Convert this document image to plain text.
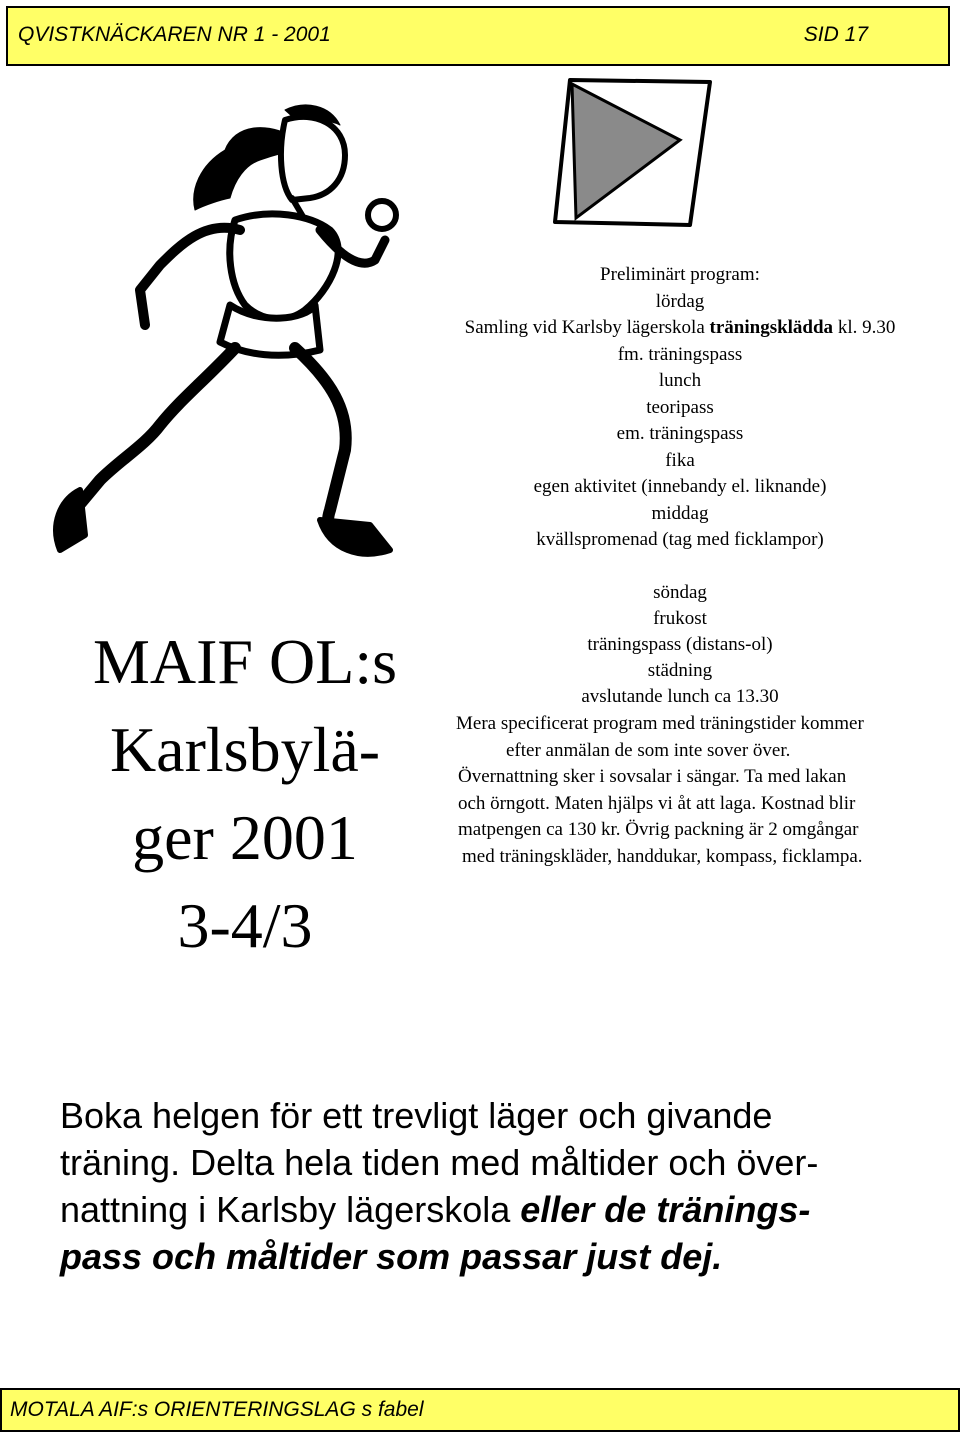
QVISTKNÄCKAREN NR 1 - 2001	SID 17
Preliminärt program:
lördag
Samling vid Karlsby lägerskola träningsklädda kl. 9.30
fm. träningspass
lunch
teoripass
em. träningspass
fika
egen aktivitet (innebandy el. liknande)
middag
kvällspromenad (tag med ficklampor)
söndag
frukost
träningspass (distans-ol)
städning
avslutande lunch ca 13.30
Mera specificerat program med träningstider kommer
efter anmälan de som inte sover över.
Övernattning sker i sovsalar i sängar. Ta med lakan
och örngott. Maten hjälps vi åt att laga. Kostnad blir
matpengen ca 130 kr. Övrig packning är 2 omgångar
med träningskläder, handdukar, kompass, ficklampa.
MAIF OL:s
Karlsbylä-
ger 2001
3-4/3
Boka helgen för ett trevligt läger och givande
träning. Delta hela tiden med måltider och över-
nattning i Karlsby lägerskola eller de tränings-
pass och måltider som passar just dej.
MOTALA AIF:s ORIENTERINGSLAG s fabel
